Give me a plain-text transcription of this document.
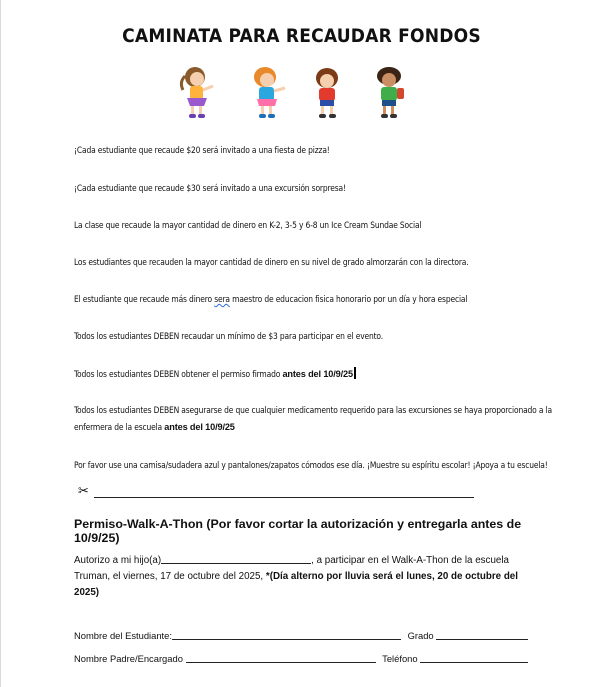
CAMINATA PARA RECAUDAR FONDOS
¡Cada estudiante que recaude $20 será invitado a una fiesta de pizza!
¡Cada estudiante que recaude $30 será invitado a una excursión sorpresa!
La clase que recaude la mayor cantidad de dinero en K-2, 3-5 y 6-8 un Ice Cream Sundae Social
Los estudiantes que recauden la mayor cantidad de dinero en su nivel de grado almorzarán con la directora.
El estudiante que recaude más dinero sera maestro de educacion fisica honorario por un día y hora especial
Todos los estudiantes DEBEN recaudar un mínimo de $3 para participar en el evento.
Todos los estudiantes DEBEN obtener el permiso firmado antes del 10/9/25
Todos los estudiantes DEBEN asegurarse de que cualquier medicamento requerido para las excursiones se haya proporcionado a la
enfermera de la escuela antes del 10/9/25
Por favor use una camisa/sudadera azul y pantalones/zapatos cómodos ese día. ¡Muestre su espíritu escolar! ¡Apoya a tu escuela!
✂
Permiso-Walk-A-Thon (Por favor cortar la autorización y entregarla antes de 10/9/25)
Autorizo a mi hijo(a)	, a participar en el Walk-A-Thon de la escuela Truman, el viernes, 17 de octubre del 2025, *(Día alterno por lluvia será el lunes, 20 de octubre del 2025)
Nombre del Estudiante:	Grado
Nombre Padre/Encargado	Teléfono
